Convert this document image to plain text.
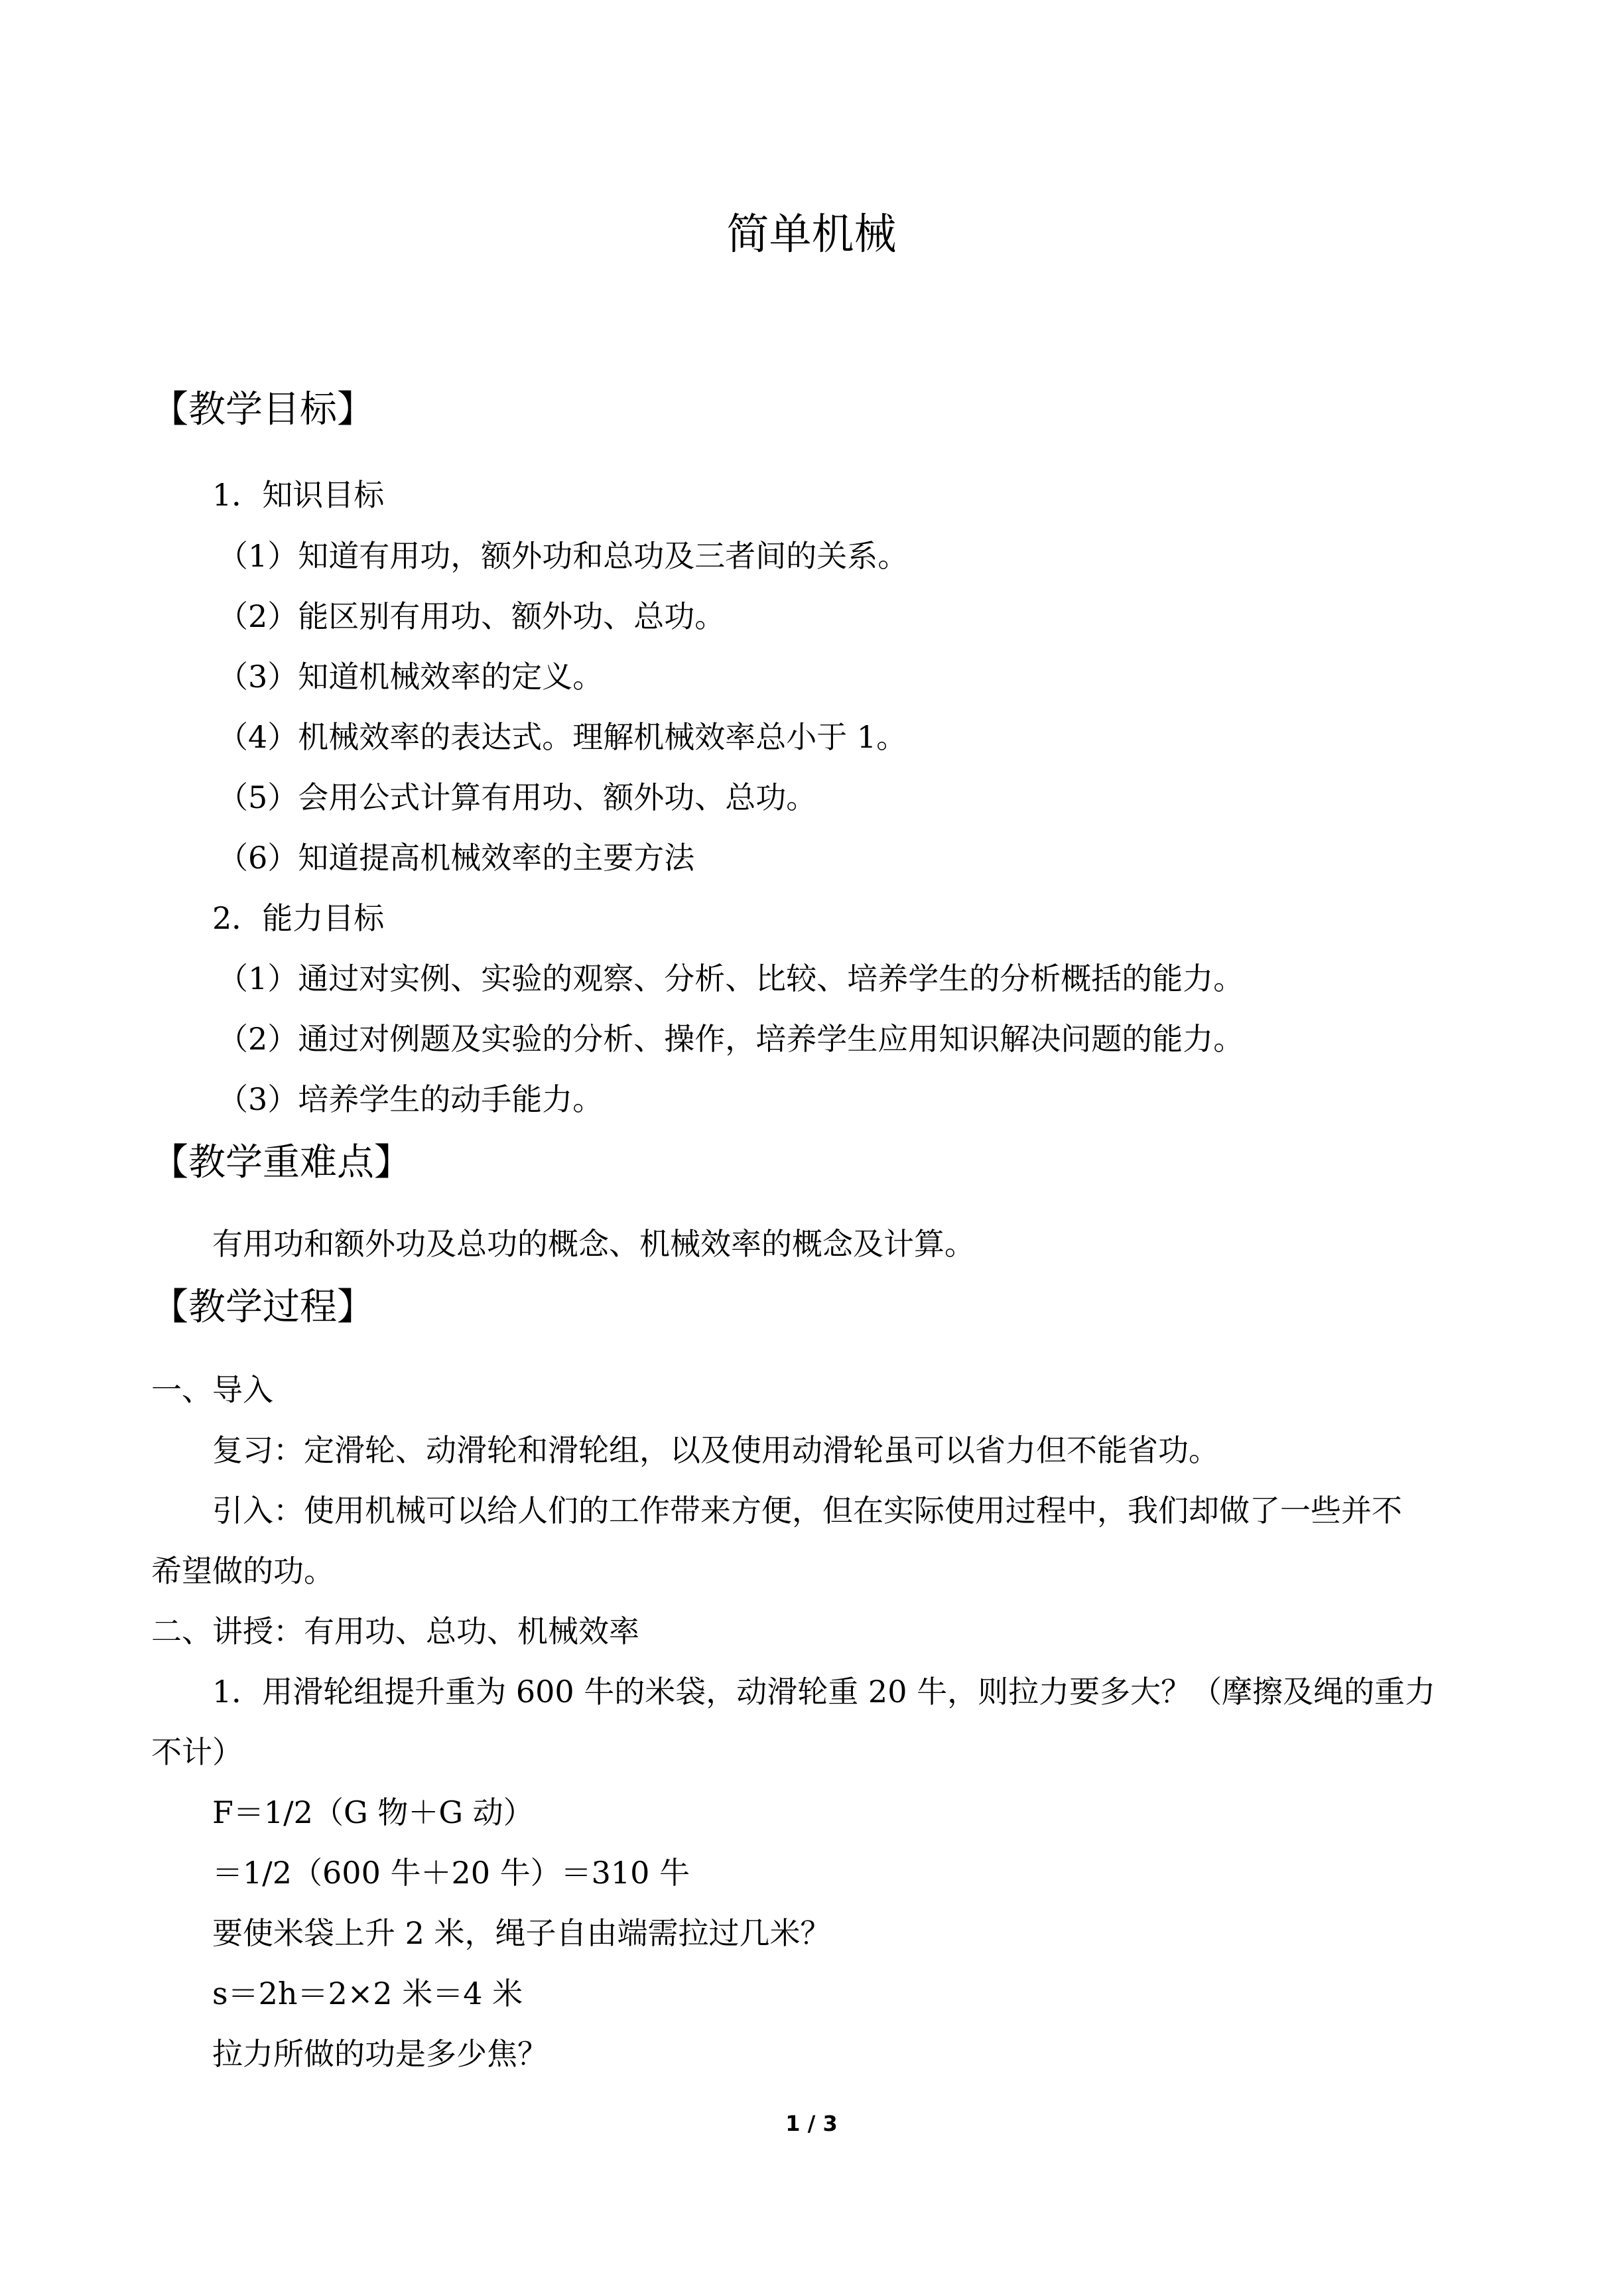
简单机械
【教学目标】
1．知识目标
（1）知道有用功，额外功和总功及三者间的关系。
（2）能区别有用功、额外功、总功。
（3）知道机械效率的定义。
（4）机械效率的表达式。理解机械效率总小于 1。
（5）会用公式计算有用功、额外功、总功。
（6）知道提高机械效率的主要方法
2．能力目标
（1）通过对实例、实验的观察、分析、比较、培养学生的分析概括的能力。
（2）通过对例题及实验的分析、操作，培养学生应用知识解决问题的能力。
（3）培养学生的动手能力。
【教学重难点】
有用功和额外功及总功的概念、机械效率的概念及计算。
【教学过程】
一、导入
复习：定滑轮、动滑轮和滑轮组，以及使用动滑轮虽可以省力但不能省功。
引入：使用机械可以给人们的工作带来方便，但在实际使用过程中，我们却做了一些并不
希望做的功。
二、讲授：有用功、总功、机械效率
1．用滑轮组提升重为 600 牛的米袋，动滑轮重 20 牛，则拉力要多大？（摩擦及绳的重力
不计）
F＝1/2（G 物＋G 动）
＝1/2（600 牛＋20 牛）＝310 牛
要使米袋上升 2 米，绳子自由端需拉过几米？
s＝2h＝2×2 米＝4 米
拉力所做的功是多少焦？
1 / 3
